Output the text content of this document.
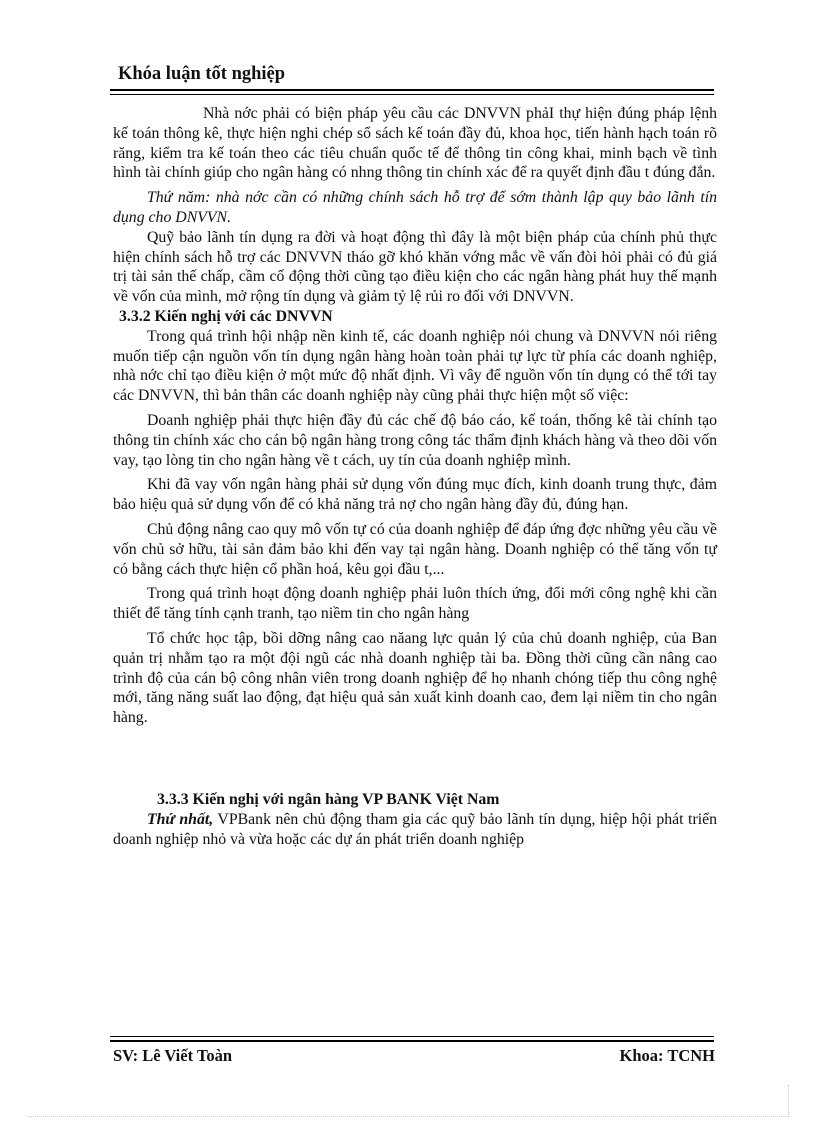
Khóa luận tốt nghiệp

Nhà nớc phải có biện pháp yêu cầu các DNVVN phảI thự hiện đúng pháp lệnh kế toán thông kê, thực hiện nghi chép sổ sách kế toán đầy đủ, khoa học, tiến hành hạch toán rõ răng, kiểm tra kế toán theo các tiêu chuẩn quốc tế để thông tin công khai, minh bạch về tình hình tài chính giúp cho ngân hàng có nhng thông tin chính xác để ra quyết định đầu t đúng đắn.

Thứ năm: nhà nớc cần có những chính sách hỗ trợ để sớm thành lập quy bảo lãnh tín dụng cho DNVVN.

Quỹ bảo lãnh tín dụng ra đời và hoạt động thì đây là một biện pháp của chính phủ thực hiện chính sách hỗ trợ các DNVVN tháo gỡ khó khăn vớng mắc về vấn đòi hỏi phải có đủ giá trị tài sản thế chấp, cầm cố động thời cũng tạo điều kiện cho các ngân hàng phát huy thế mạnh về vốn của mình, mở rộng tín dụng và giảm tỷ lệ rủi ro đối với DNVVN.

3.3.2 Kiến nghị với các DNVVN

Trong quá trình hội nhập nền kinh tế, các doanh nghiệp nói chung và DNVVN nói riêng muốn tiếp cận nguồn vốn tín dụng ngân hàng hoàn toàn phải tự lực từ phía các doanh nghiệp, nhà nớc chỉ tạo điều kiện ở một mức độ nhất định. Vì vây để nguồn vốn tín dụng có thể tới tay các DNVVN, thì bản thân các doanh nghiệp này cũng phải thực hiện một số việc:

Doanh nghiệp phải thực hiện đầy đủ các chế độ báo cáo, kế toán, thống kê tài chính tạo thông tin chính xác cho cán bộ ngân hàng trong công tác thẩm định khách hàng và theo dõi vốn vay, tạo lòng tin cho ngân hàng về t cách, uy tín của doanh nghiệp mình.

Khi đã vay vốn ngân hàng phải sử dụng vốn đúng mục đích, kinh doanh trung thực, đảm bảo hiệu quả sử dụng vốn để có khả năng trả nợ cho ngân hàng đầy đủ, đúng hạn.

Chủ động nâng cao quy mô vốn tự có của doanh nghiệp để đáp ứng đợc những yêu cầu về vốn chủ sở hữu, tài sản đảm bảo khi đến vay tại ngân hàng. Doanh nghiệp có thể tăng vốn tự có bằng cách thực hiện cổ phần hoá, kêu gọi đầu t,...

Trong quá trình hoạt động doanh nghiệp phải luôn thích ứng, đổi mới công nghệ khi cần thiết để tăng tính cạnh tranh, tạo niềm tin cho ngân hàng

Tổ chức học tập, bồi dỡng nâng cao năang lực quản lý của chủ doanh nghiệp, của Ban quản trị nhằm tạo ra một đội ngũ các nhà doanh nghiệp tài ba. Đồng thời cũng cần nâng cao trình độ của cán bộ công nhân viên trong doanh nghiệp để họ nhanh chóng tiếp thu công nghệ mới, tăng năng suất lao động, đạt hiệu quả sản xuất kinh doanh cao, đem lại niềm tin cho ngân hàng.

3.3.3 Kiến nghị với ngân hàng VP BANK Việt Nam

Thứ nhất, VPBank nên chủ động tham gia các quỹ bảo lãnh tín dụng, hiệp hội phát triển doanh nghiệp nhỏ và vừa hoặc các dự án phát triển doanh nghiệp

SV: Lê Viết Toàn	Khoa: TCNH
